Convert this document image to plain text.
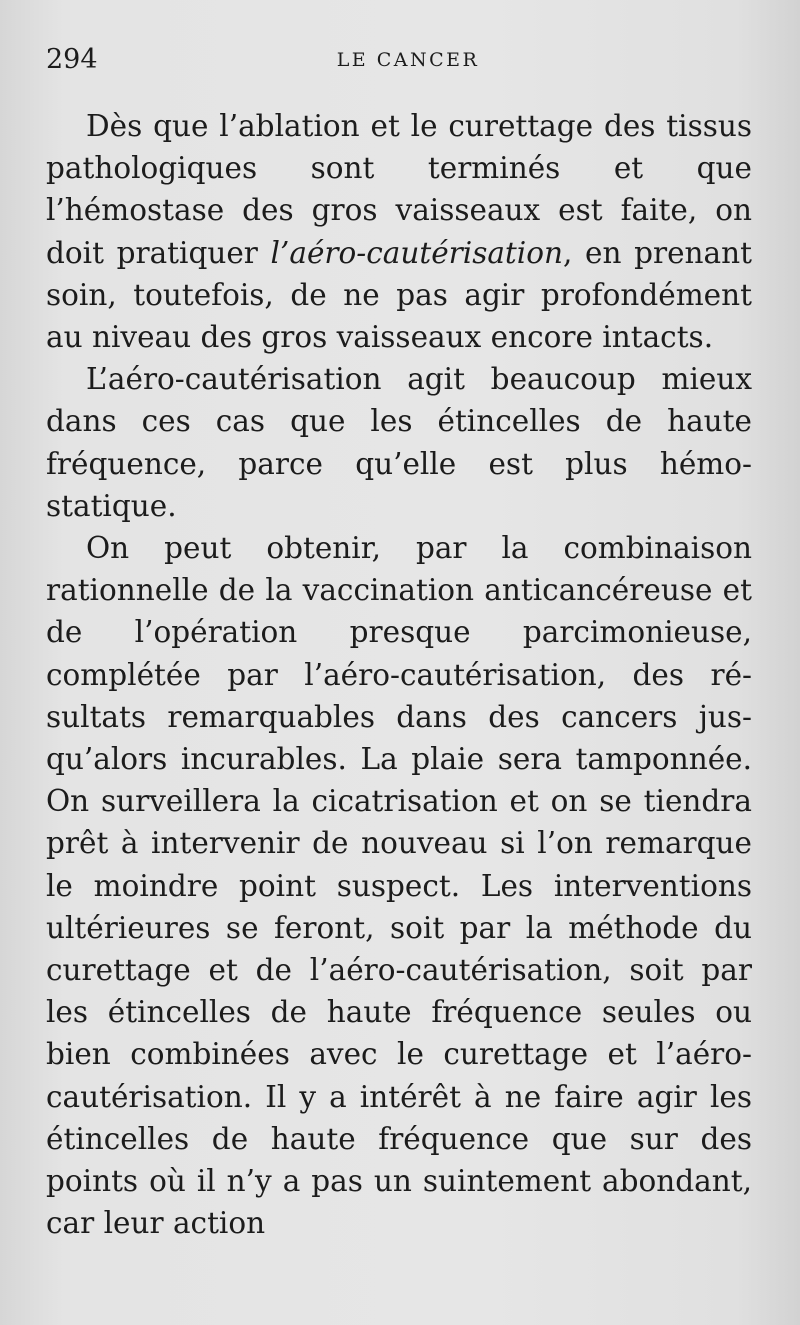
294	LE CANCER

Dès que l’ablation et le curettage des tissus pathologiques sont terminés et que l’hémostase des gros vaisseaux est faite, on doit pratiquer l’aéro-cautérisation, en prenant soin, toutefois, de ne pas agir profondément au niveau des gros vaisseaux encore intacts.

L’aéro-cautérisation agit beaucoup mieux dans ces cas que les étincelles de haute fréquence, parce qu’elle est plus hémostatique.

On peut obtenir, par la combinaison rationnelle de la vaccination anticancéreuse et de l’opération presque parcimonieuse, complétée par l’aéro-cautérisation, des résultats remarquables dans des cancers jusqu’alors incurables. La plaie sera tamponnée. On surveillera la cicatrisation et on se tiendra prêt à intervenir de nouveau si l’on remarque le moindre point suspect. Les interventions ultérieures se feront, soit par la méthode du curettage et de l’aéro-cautérisation, soit par les étincelles de haute fréquence seules ou bien combinées avec le curettage et l’aéro-cautérisation. Il y a intérêt à ne faire agir les étincelles de haute fréquence que sur des points où il n’y a pas un suintement abondant, car leur action
